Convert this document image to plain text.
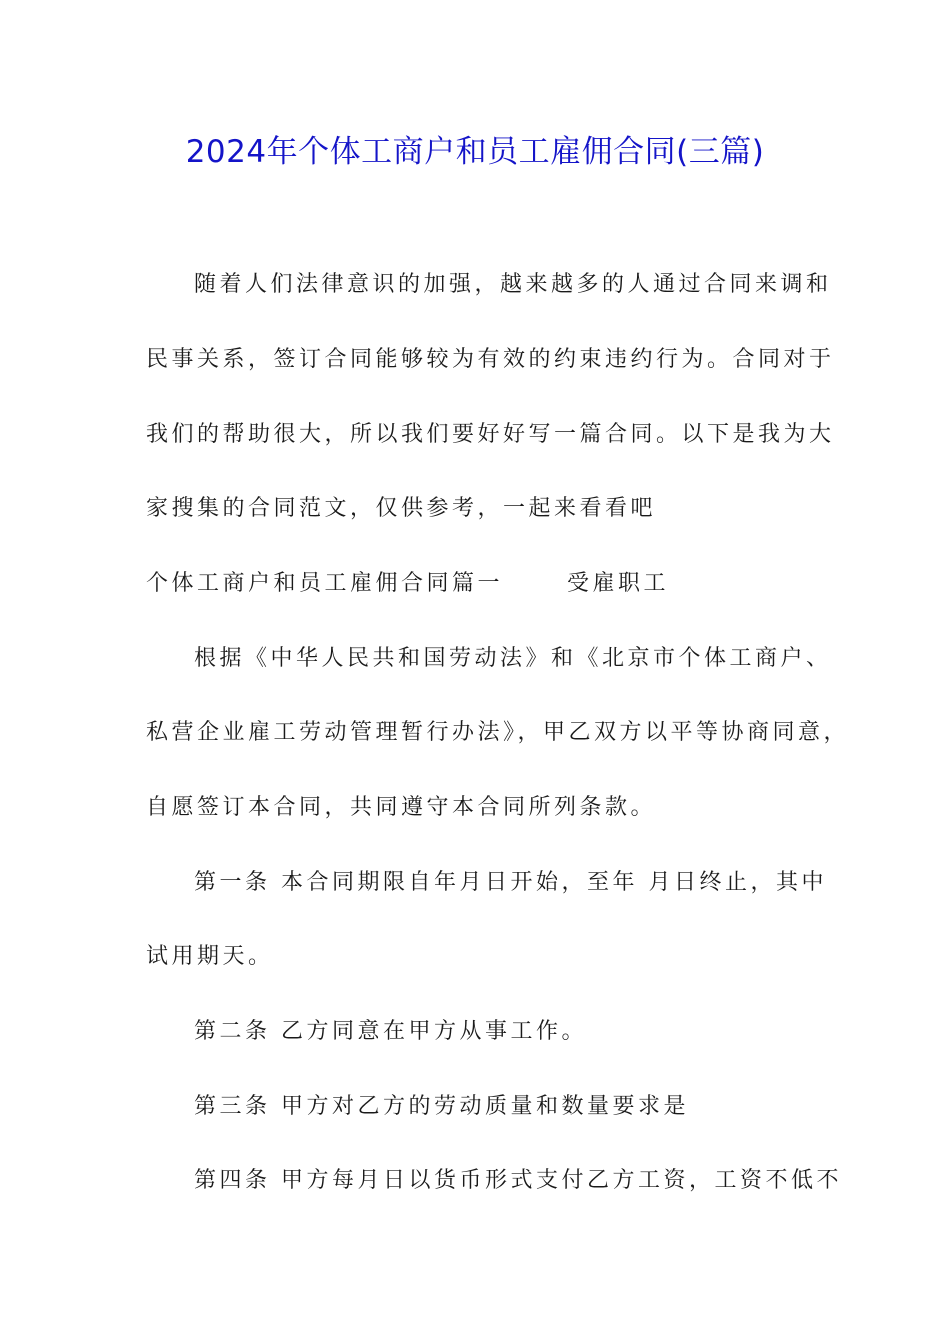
2024年个体工商户和员工雇佣合同(三篇)
随着人们法律意识的加强，越来越多的人通过合同来调和
民事关系，签订合同能够较为有效的约束违约行为。合同对于
我们的帮助很大，所以我们要好好写一篇合同。以下是我为大
家搜集的合同范文，仅供参考，一起来看看吧
个体工商户和员工雇佣合同篇一	受雇职工
根据《中华人民共和国劳动法》和《北京市个体工商户、
私营企业雇工劳动管理暂行办法》，甲乙双方以平等协商同意，
自愿签订本合同，共同遵守本合同所列条款。
第一条 本合同期限自年月日开始，至年 月日终止，其中
试用期天。
第二条 乙方同意在甲方从事工作。
第三条 甲方对乙方的劳动质量和数量要求是
第四条 甲方每月日以货币形式支付乙方工资，工资不低不
